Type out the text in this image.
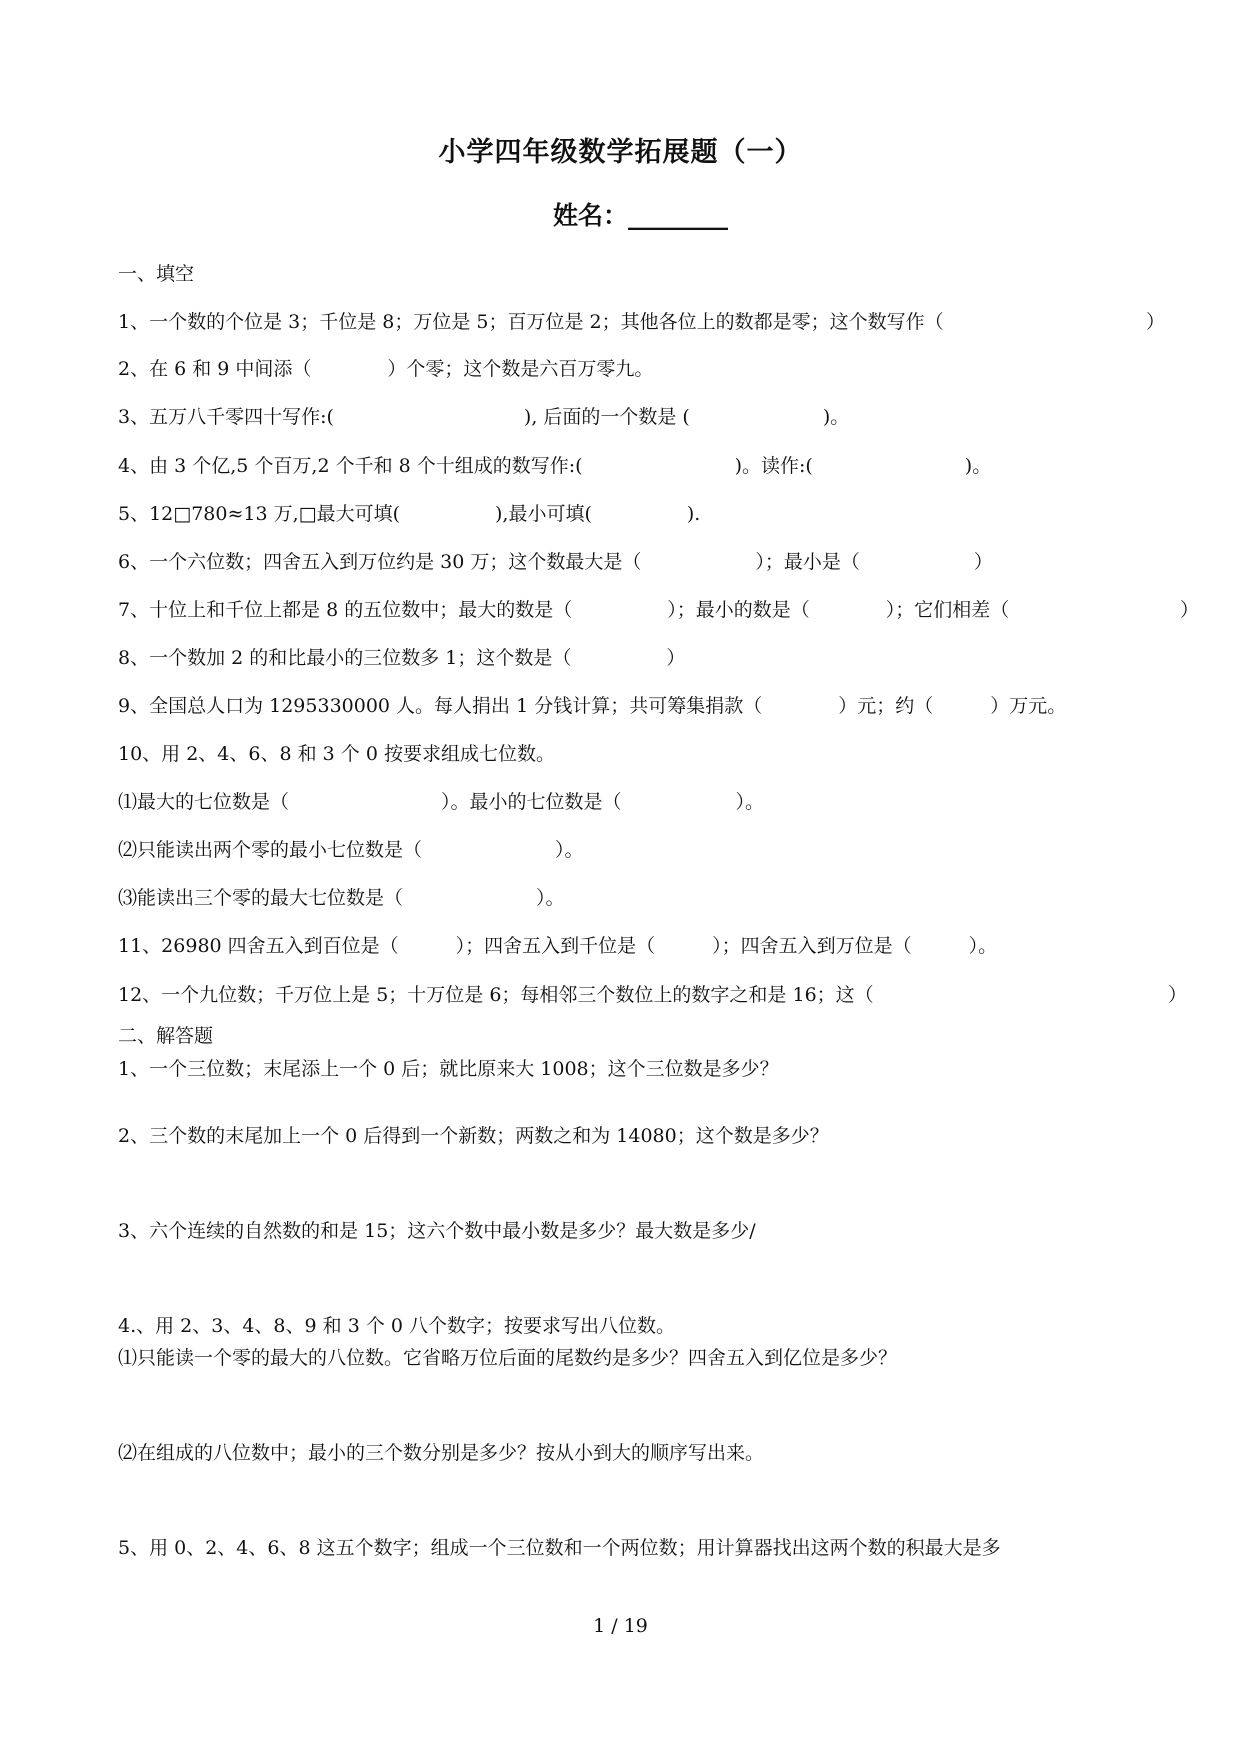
小学四年级数学拓展题（一）
姓名：________
一、填空
1、一个数的个位是 3；千位是 8；万位是 5；百万位是 2；其他各位上的数都是零；这个数写作（	）
2、在 6 和 9 中间添（　　　　）个零；这个数是六百万零九。
3、五万八千零四十写作:(　　　　　　　　　　), 后面的一个数是 (　　　　　　　)。
4、由 3 个亿,5 个百万,2 个千和 8 个十组成的数写作:(　　　　　　　　)。读作:(　　　　　　　　)。
5、12□780≈13 万,□最大可填(　　　　　),最小可填(　　　　　).
6、一个六位数；四舍五入到万位约是 30 万；这个数最大是（　　　　　　）；最小是（　　　　　　）
7、十位上和千位上都是 8 的五位数中；最大的数是（　　　　　）；最小的数是（　　　　）；它们相差（	）
8、一个数加 2 的和比最小的三位数多 1；这个数是（　　　　　）
9、全国总人口为 1295330000 人。每人捐出 1 分钱计算；共可筹集捐款（　　　　）元；约（　　　）万元。
10、用 2、4、6、8 和 3 个 0 按要求组成七位数。
⑴最大的七位数是（　　　　　　　　）。最小的七位数是（　　　　　　）。
⑵只能读出两个零的最小七位数是（　　　　　　　）。
⑶能读出三个零的最大七位数是（　　　　　　　）。
11、26980 四舍五入到百位是（　　　）；四舍五入到千位是（　　　）；四舍五入到万位是（　　　）。
12、一个九位数；千万位上是 5；十万位是 6；每相邻三个数位上的数字之和是 16；这（	）
二、解答题
1、一个三位数；末尾添上一个 0 后；就比原来大 1008；这个三位数是多少？
2、三个数的末尾加上一个 0 后得到一个新数；两数之和为 14080；这个数是多少？
3、六个连续的自然数的和是 15；这六个数中最小数是多少？最大数是多少/
4.、用 2、3、4、8、9 和 3 个 0 八个数字；按要求写出八位数。
⑴只能读一个零的最大的八位数。它省略万位后面的尾数约是多少？四舍五入到亿位是多少？
⑵在组成的八位数中；最小的三个数分别是多少？按从小到大的顺序写出来。
5、用 0、2、4、6、8 这五个数字；组成一个三位数和一个两位数；用计算器找出这两个数的积最大是多
1 / 19
